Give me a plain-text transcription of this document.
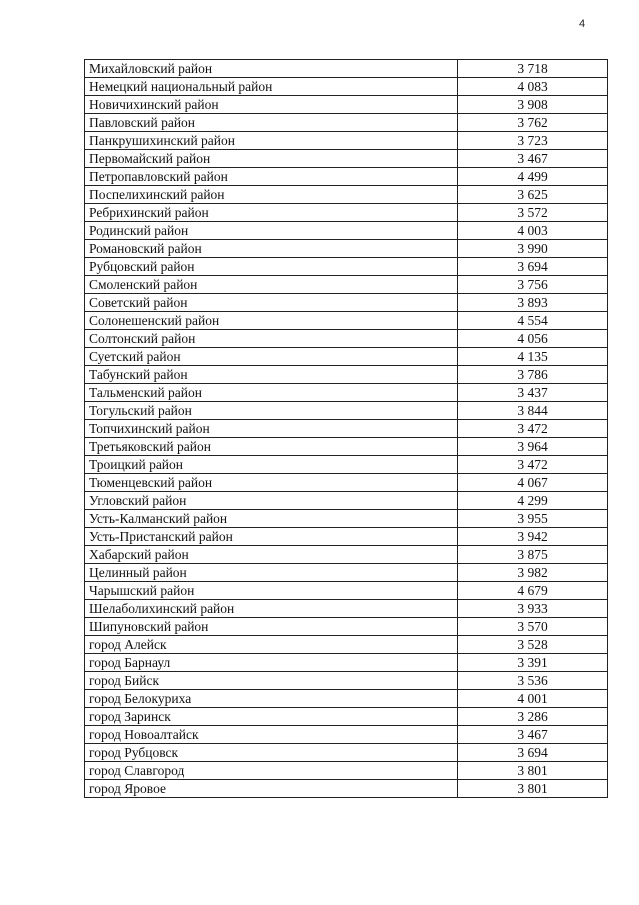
4
Михайловский район	3 718
Немецкий национальный район	4 083
Новичихинский район	3 908
Павловский район	3 762
Панкрушихинский район	3 723
Первомайский район	3 467
Петропавловский район	4 499
Поспелихинский район	3 625
Ребрихинский район	3 572
Родинский район	4 003
Романовский район	3 990
Рубцовский район	3 694
Смоленский район	3 756
Советский район	3 893
Солонешенский район	4 554
Солтонский район	4 056
Суетский район	4 135
Табунский район	3 786
Тальменский район	3 437
Тогульский район	3 844
Топчихинский район	3 472
Третьяковский район	3 964
Троицкий район	3 472
Тюменцевский район	4 067
Угловский район	4 299
Усть-Калманский район	3 955
Усть-Пристанский район	3 942
Хабарский район	3 875
Целинный район	3 982
Чарышский район	4 679
Шелаболихинский район	3 933
Шипуновский район	3 570
город Алейск	3 528
город Барнаул	3 391
город Бийск	3 536
город Белокуриха	4 001
город Заринск	3 286
город Новоалтайск	3 467
город Рубцовск	3 694
город Славгород	3 801
город Яровое	3 801
